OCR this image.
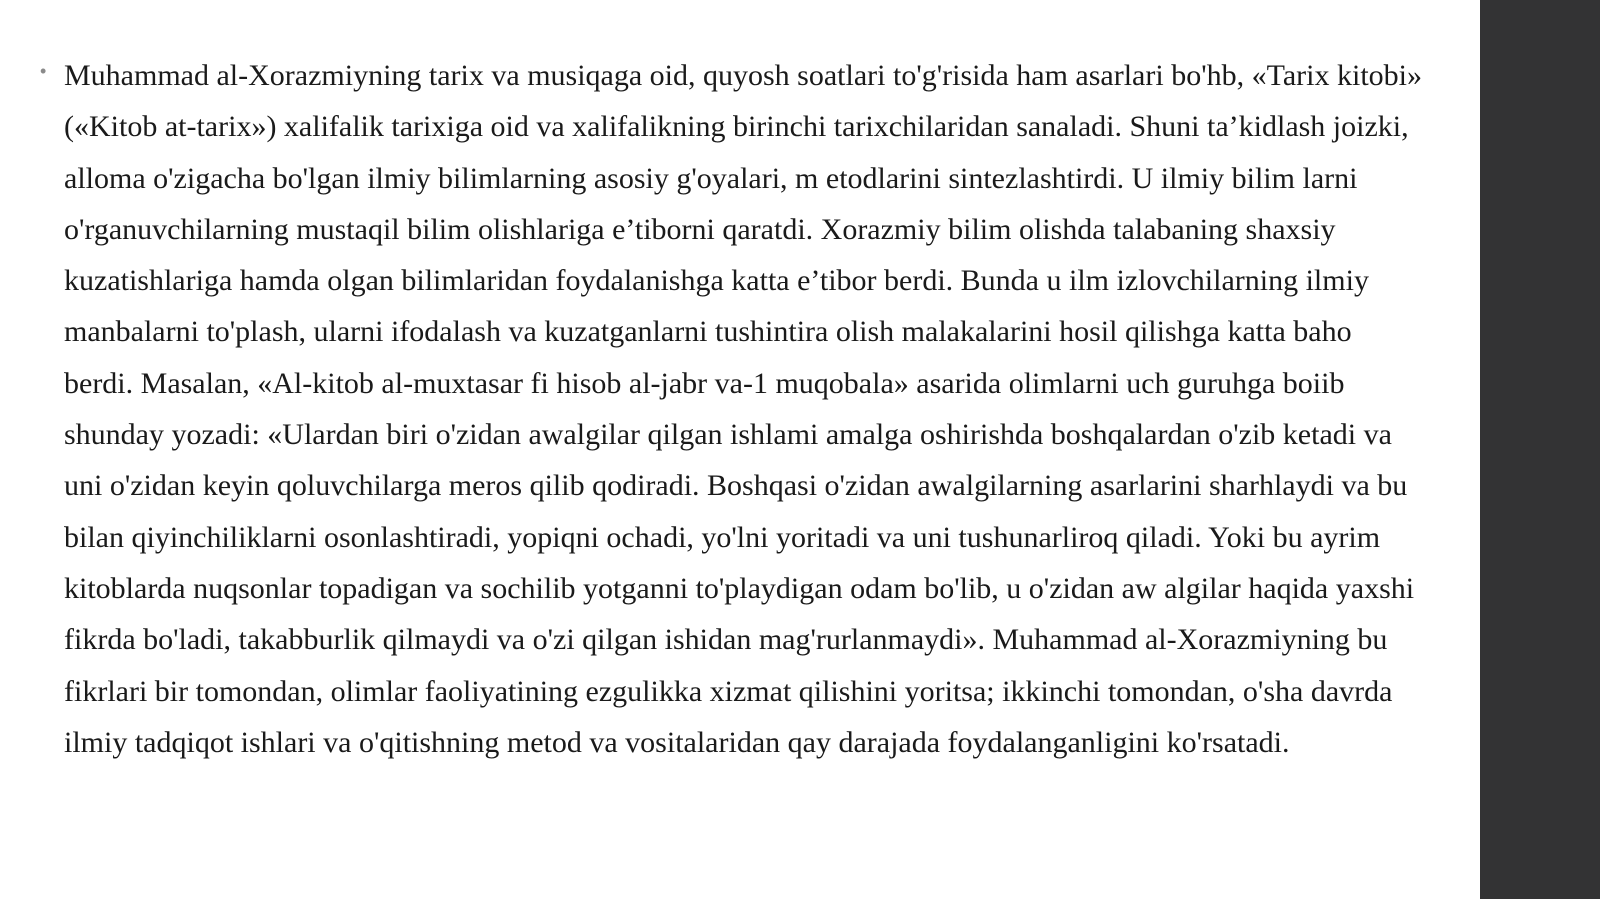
• Muhammad al-Xorazmiyning tarix va musiqaga oid, quyosh soatlari to'g'risida ham asarlari bo'hb, «Tarix kitobi» («Kitob at-tarix») xalifalik tarixiga oid va xalifalikning birinchi tarixchilaridan sanaladi. Shuni ta’kidlash joizki, alloma o'zigacha bo'lgan ilmiy bilimlarning asosiy g'oyalari, m etodlarini sintezlashtirdi. U ilmiy bilim larni o'rganuvchilarning mustaqil bilim olishlariga e’tiborni qaratdi. Xorazmiy bilim olishda talabaning shaxsiy kuzatishlariga hamda olgan bilimlaridan foydalanishga katta e’tibor berdi. Bunda u ilm izlovchilarning ilmiy manbalarni to'plash, ularni ifodalash va kuzatganlarni tushintira olish malakalarini hosil qilishga katta baho berdi. Masalan, «Al-kitob al-muxtasar fi hisob al-jabr va-1 muqobala» asarida olimlarni uch guruhga boiib shunday yozadi: «Ulardan biri o'zidan awalgilar qilgan ishlami amalga oshirishda boshqalardan o'zib ketadi va uni o'zidan keyin qoluvchilarga meros qilib qodiradi. Boshqasi o'zidan awalgilarning asarlarini sharhlaydi va bu bilan qiyinchiliklarni osonlashtiradi, yopiqni ochadi, yo'lni yoritadi va uni tushunarliroq qiladi. Yoki bu ayrim kitoblarda nuqsonlar topadigan va sochilib yotganni to'playdigan odam bo'lib, u o'zidan aw algilar haqida yaxshi fikrda bo'ladi, takabburlik qilmaydi va o'zi qilgan ishidan mag'rurlanmaydi». Muhammad al-Xorazmiyning bu fikrlari bir tomondan, olimlar faoliyatining ezgulikka xizmat qilishini yoritsa; ikkinchi tomondan, o'sha davrda ilmiy tadqiqot ishlari va o'qitishning metod va vositalaridan qay darajada foydalanganligini ko'rsatadi.
